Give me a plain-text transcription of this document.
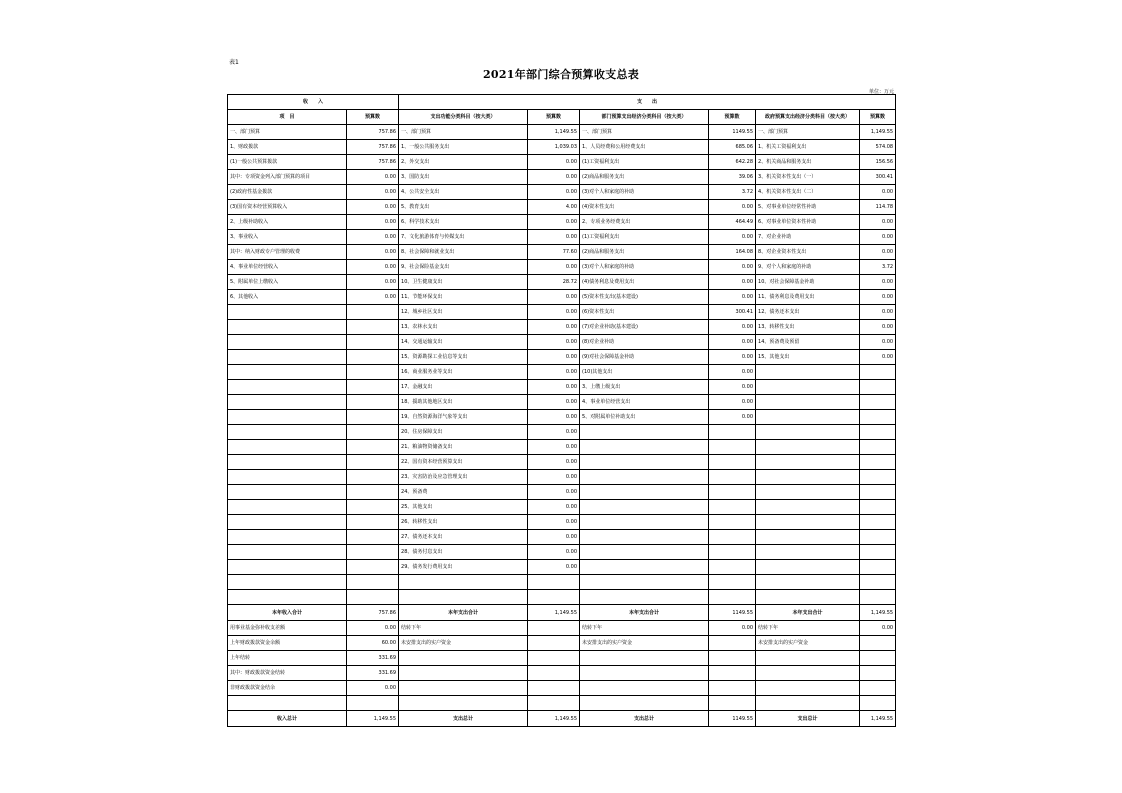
表1
2021年部门综合预算收支总表
单位：万元
收　　入		支　　出					
项　目	预算数	支出功能分类科目（按大类）	预算数	部门预算支出经济分类科目（按大类）	预算数	政府预算支出经济分类科目（按大类）	预算数
一、部门预算	757.86	一、部门预算	1,149.55	一、部门预算	1149.55	一、部门预算	1,149.55
1、财政拨款	757.86	1、一般公共服务支出	1,039.03	1、人员经费和公用经费支出	685.06	1、机关工资福利支出	574.08
(1)一般公共预算拨款	757.86	2、外交支出	0.00	(1)工资福利支出	642.28	2、机关商品和服务支出	156.56
其中：专项资金列入部门预算的项目	0.00	3、国防支出	0.00	(2)商品和服务支出	39.06	3、机关资本性支出（一）	300.41
(2)政府性基金拨款	0.00	4、公共安全支出	0.00	(3)对个人和家庭的补助	3.72	4、机关资本性支出（二）	0.00
(3)国有资本经营预算收入	0.00	5、教育支出	4.00	(4)资本性支出	0.00	5、对事业单位经常性补助	114.78
2、上级补助收入	0.00	6、科学技术支出	0.00	2、专项业务经费支出	464.49	6、对事业单位资本性补助	0.00
3、事业收入	0.00	7、文化旅游体育与传媒支出	0.00	(1)工资福利支出	0.00	7、对企业补助	0.00
其中：纳入财政专户管理的收费	0.00	8、社会保障和就业支出	77.60	(2)商品和服务支出	164.08	8、对企业资本性支出	0.00
4、事业单位经营收入	0.00	9、社会保险基金支出	0.00	(3)对个人和家庭的补助	0.00	9、对个人和家庭的补助	3.72
5、附属单位上缴收入	0.00	10、卫生健康支出	28.72	(4)债务利息及费用支出	0.00	10、对社会保障基金补助	0.00
6、其他收入	0.00	11、节能环保支出	0.00	(5)资本性支出(基本建设)	0.00	11、债务利息及费用支出	0.00
		12、城乡社区支出	0.00	(6)资本性支出	300.41	12、债务还本支出	0.00
		13、农林水支出	0.00	(7)对企业补助(基本建设)	0.00	13、转移性支出	0.00
		14、交通运输支出	0.00	(8)对企业补助	0.00	14、预备费及预留	0.00
		15、资源勘探工业信息等支出	0.00	(9)对社会保障基金补助	0.00	15、其他支出	0.00
		16、商业服务业等支出	0.00	(10)其他支出	0.00		
		17、金融支出	0.00	3、上缴上级支出	0.00		
		18、援助其他地区支出	0.00	4、事业单位经营支出	0.00		
		19、自然资源海洋气象等支出	0.00	5、对附属单位补助支出	0.00		
		20、住房保障支出	0.00				
		21、粮油物资储备支出	0.00				
		22、国有资本经营预算支出	0.00				
		23、灾害防治及应急管理支出	0.00				
		24、预备费	0.00				
		25、其他支出	0.00				
		26、转移性支出	0.00				
		27、债务还本支出	0.00				
		28、债务付息支出	0.00				
		29、债务发行费用支出	0.00				

本年收入合计	757.86	本年支出合计	1,149.55	本年支出合计	1149.55	本年支出合计	1,149.55
用事业基金弥补收支差额	0.00	结转下年		结转下年	0.00	结转下年	0.00
上年财政拨款资金余额	60.00	未安排支出的实户资金		未安排支出的实户资金		未安排支出的实户资金	
上年结转	331.69						
其中：财政拨款资金结转	331.69						
非财政拨款资金结余	0.00						

收入总计	1,149.55	支出总计	1,149.55	支出总计	1149.55	支出总计	1,149.55
